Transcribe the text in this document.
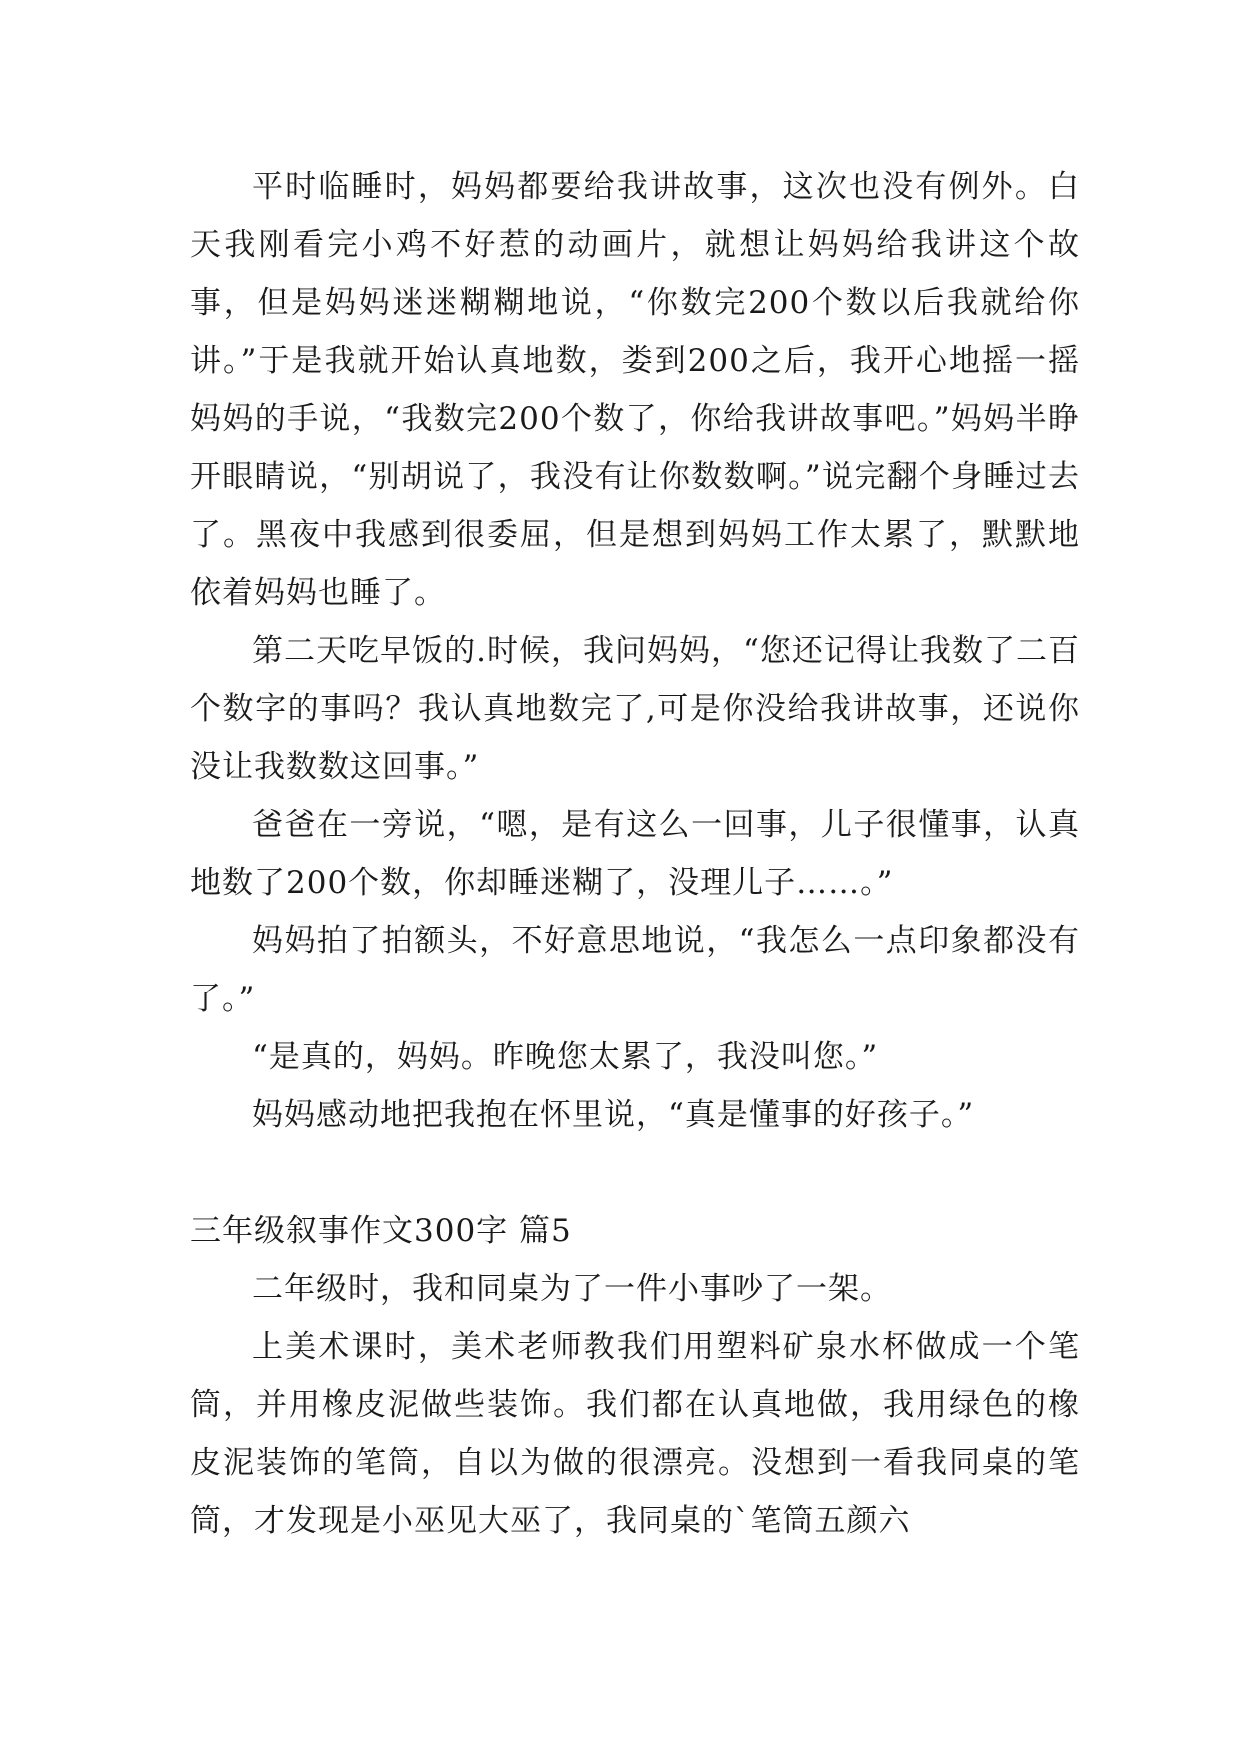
平时临睡时，妈妈都要给我讲故事，这次也没有例外。白天我刚看完小鸡不好惹的动画片，就想让妈妈给我讲这个故事，但是妈妈迷迷糊糊地说，“你数完200个数以后我就给你讲。”于是我就开始认真地数，娄到200之后，我开心地摇一摇妈妈的手说，“我数完200个数了，你给我讲故事吧。”妈妈半睁开眼睛说，“别胡说了，我没有让你数数啊。”说完翻个身睡过去了。黑夜中我感到很委屈，但是想到妈妈工作太累了，默默地依着妈妈也睡了。

第二天吃早饭的.时候，我问妈妈，“您还记得让我数了二百个数字的事吗？我认真地数完了,可是你没给我讲故事，还说你没让我数数这回事。”

爸爸在一旁说，“嗯，是有这么一回事，儿子很懂事，认真地数了200个数，你却睡迷糊了，没理儿子……。”

妈妈拍了拍额头，不好意思地说，“我怎么一点印象都没有了。”

“是真的，妈妈。昨晚您太累了，我没叫您。”

妈妈感动地把我抱在怀里说，“真是懂事的好孩子。”

三年级叙事作文300字 篇5

二年级时，我和同桌为了一件小事吵了一架。

上美术课时，美术老师教我们用塑料矿泉水杯做成一个笔筒，并用橡皮泥做些装饰。我们都在认真地做，我用绿色的橡皮泥装饰的笔筒，自以为做的很漂亮。没想到一看我同桌的笔筒，才发现是小巫见大巫了，我同桌的`笔筒五颜六
